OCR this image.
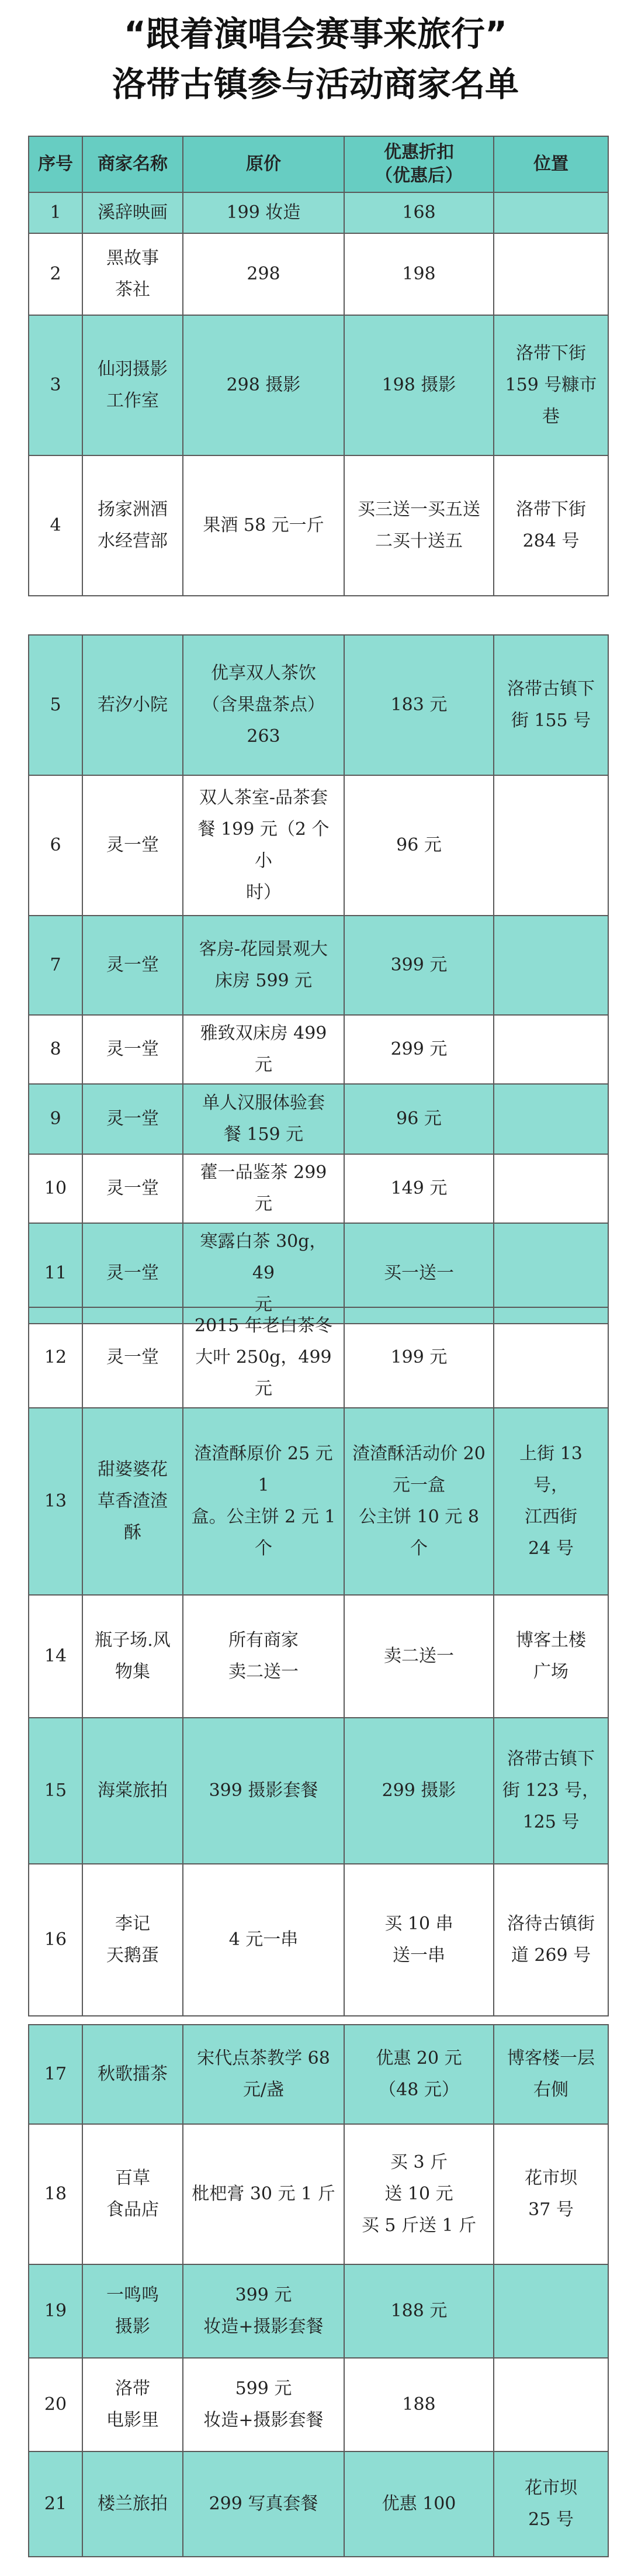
“跟着演唱会赛事来旅行”
洛带古镇参与活动商家名单
序号	商家名称	原价	优惠折扣
（优惠后）	位置
1	溪辞映画	199 妆造	168	
2	黑故事
茶社	298	198	
3	仙羽摄影
工作室	298 摄影	198 摄影	洛带下街
159 号糠市
巷
4	扬家洲酒
水经营部	果酒 58 元一斤	买三送一买五送
二买十送五	洛带下街
284 号
5	若汐小院	优享双人茶饮
（含果盘茶点）
263	183 元	洛带古镇下
街 155 号
6	灵一堂	双人茶室-品茶套
餐 199 元（2 个小
时）	96 元	
7	灵一堂	客房-花园景观大
床房 599 元	399 元	
8	灵一堂	雅致双床房 499 元	299 元	
9	灵一堂	单人汉服体验套
餐 159 元	96 元	
10	灵一堂	藿一品鉴茶 299 元	149 元	
11	灵一堂	寒露白茶 30g，49
元	买一送一	
12	灵一堂	2015 年老白茶冬
大叶 250g，499 元	199 元	
13	甜婆婆花
草香渣渣
酥	渣渣酥原价 25 元 1
盒。公主饼 2 元 1
个	渣渣酥活动价 20
元一盒
公主饼 10 元 8 个	上街 13 号，
江西街
24 号
14	瓶子场.风
物集	所有商家
卖二送一	卖二送一	博客土楼
广场
15	海棠旅拍	399 摄影套餐	299 摄影	洛带古镇下
街 123 号，
125 号
16	李记
天鹅蛋	4 元一串	买 10 串
送一串	洛待古镇街
道 269 号
17	秋歌擂茶	宋代点茶教学 68
元/盏	优惠 20 元
（48 元）	博客楼一层
右侧
18	百草
食品店	枇杷膏 30 元 1 斤	买 3 斤
送 10 元
买 5 斤送 1 斤	花市坝
37 号
19	一鸣鸣
摄影	399 元
妆造+摄影套餐	188 元	
20	洛带
电影里	599 元
妆造+摄影套餐	188	
21	楼兰旅拍	299 写真套餐	优惠 100	花市坝
25 号
